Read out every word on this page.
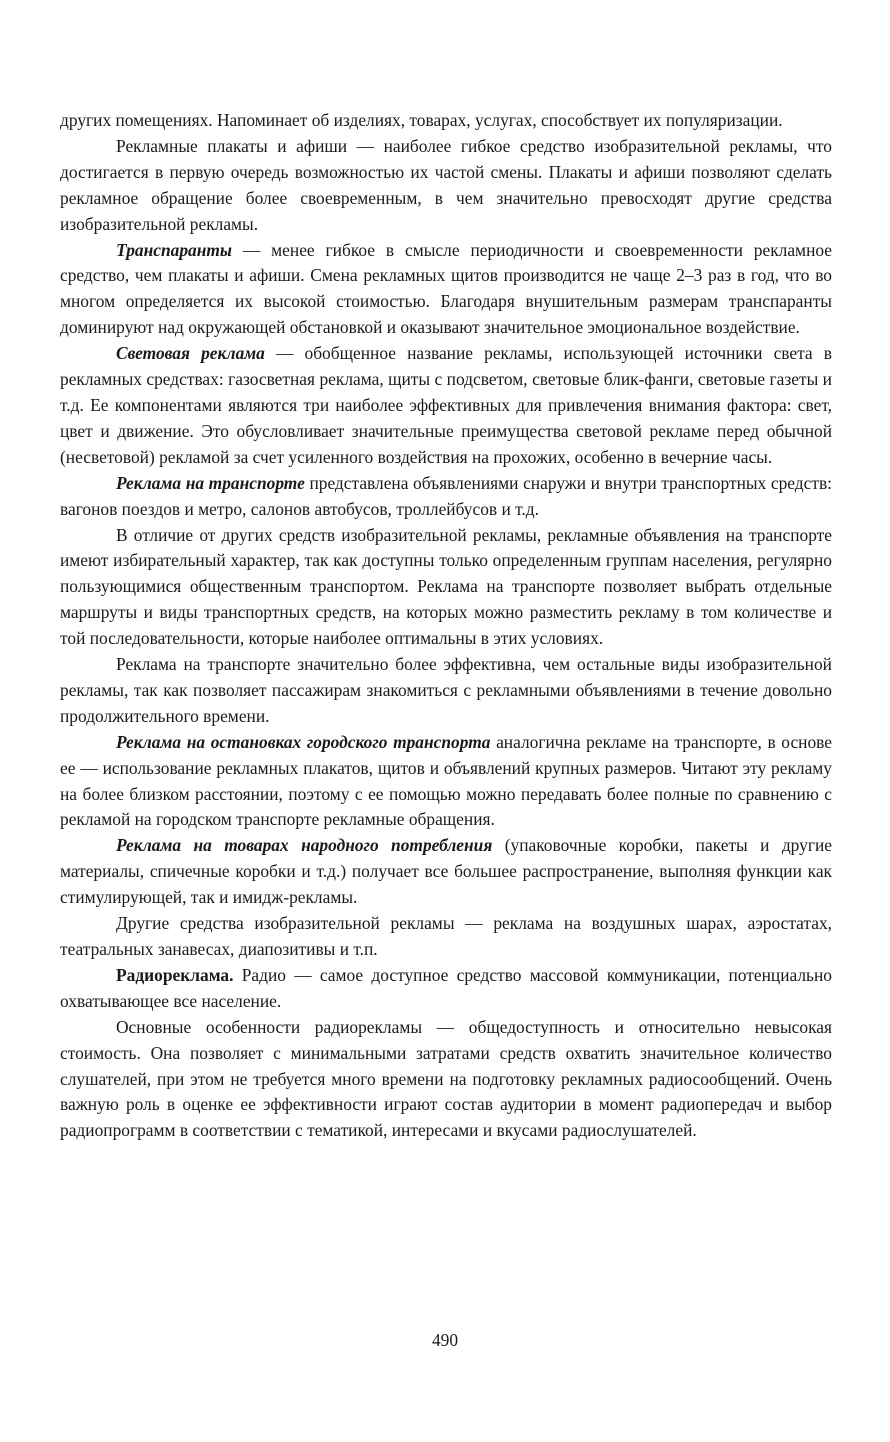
других помещениях. Напоминает об изделиях, товарах, услугах, способствует их популяризации.

Рекламные плакаты и афиши — наиболее гибкое средство изобразительной рекламы, что достигается в первую очередь возможностью их частой смены. Плакаты и афиши позволяют сделать рекламное обращение более своевременным, в чем значительно превосходят другие средства изобразительной рекламы.

Транспаранты — менее гибкое в смысле периодичности и своевременности рекламное средство, чем плакаты и афиши. Смена рекламных щитов производится не чаще 2–3 раз в год, что во многом определяется их высокой стоимостью. Благодаря внушительным размерам транспаранты доминируют над окружающей обстановкой и оказывают значительное эмоциональное воздействие.

Световая реклама — обобщенное название рекламы, использующей источники света в рекламных средствах: газосветная реклама, щиты с подсветом, световые блик-фанги, световые газеты и т.д. Ее компонентами являются три наиболее эффективных для привлечения внимания фактора: свет, цвет и движение. Это обусловливает значительные преимущества световой рекламе перед обычной (несветовой) рекламой за счет усиленного воздействия на прохожих, особенно в вечерние часы.

Реклама на транспорте представлена объявлениями снаружи и внутри транспортных средств: вагонов поездов и метро, салонов автобусов, троллейбусов и т.д.

В отличие от других средств изобразительной рекламы, рекламные объявления на транспорте имеют избирательный характер, так как доступны только определенным группам населения, регулярно пользующимися общественным транспортом. Реклама на транспорте позволяет выбрать отдельные маршруты и виды транспортных средств, на которых можно разместить рекламу в том количестве и той последовательности, которые наиболее оптимальны в этих условиях.

Реклама на транспорте значительно более эффективна, чем остальные виды изобразительной рекламы, так как позволяет пассажирам знакомиться с рекламными объявлениями в течение довольно продолжительного времени.

Реклама на остановках городского транспорта аналогична рекламе на транспорте, в основе ее — использование рекламных плакатов, щитов и объявлений крупных размеров. Читают эту рекламу на более близком расстоянии, поэтому с ее помощью можно передавать более полные по сравнению с рекламой на городском транспорте рекламные обращения.

Реклама на товарах народного потребления (упаковочные коробки, пакеты и другие материалы, спичечные коробки и т.д.) получает все большее распространение, выполняя функции как стимулирующей, так и имидж-рекламы.

Другие средства изобразительной рекламы — реклама на воздушных шарах, аэростатах, театральных занавесах, диапозитивы и т.п.

Радиореклама. Радио — самое доступное средство массовой коммуникации, потенциально охватывающее все население.

Основные особенности радиорекламы — общедоступность и относительно невысокая стоимость. Она позволяет с минимальными затратами средств охватить значительное количество слушателей, при этом не требуется много времени на подготовку рекламных радиосообщений. Очень важную роль в оценке ее эффективности играют состав аудитории в момент радиопередач и выбор радиопрограмм в соответствии с тематикой, интересами и вкусами радиослушателей.

490
